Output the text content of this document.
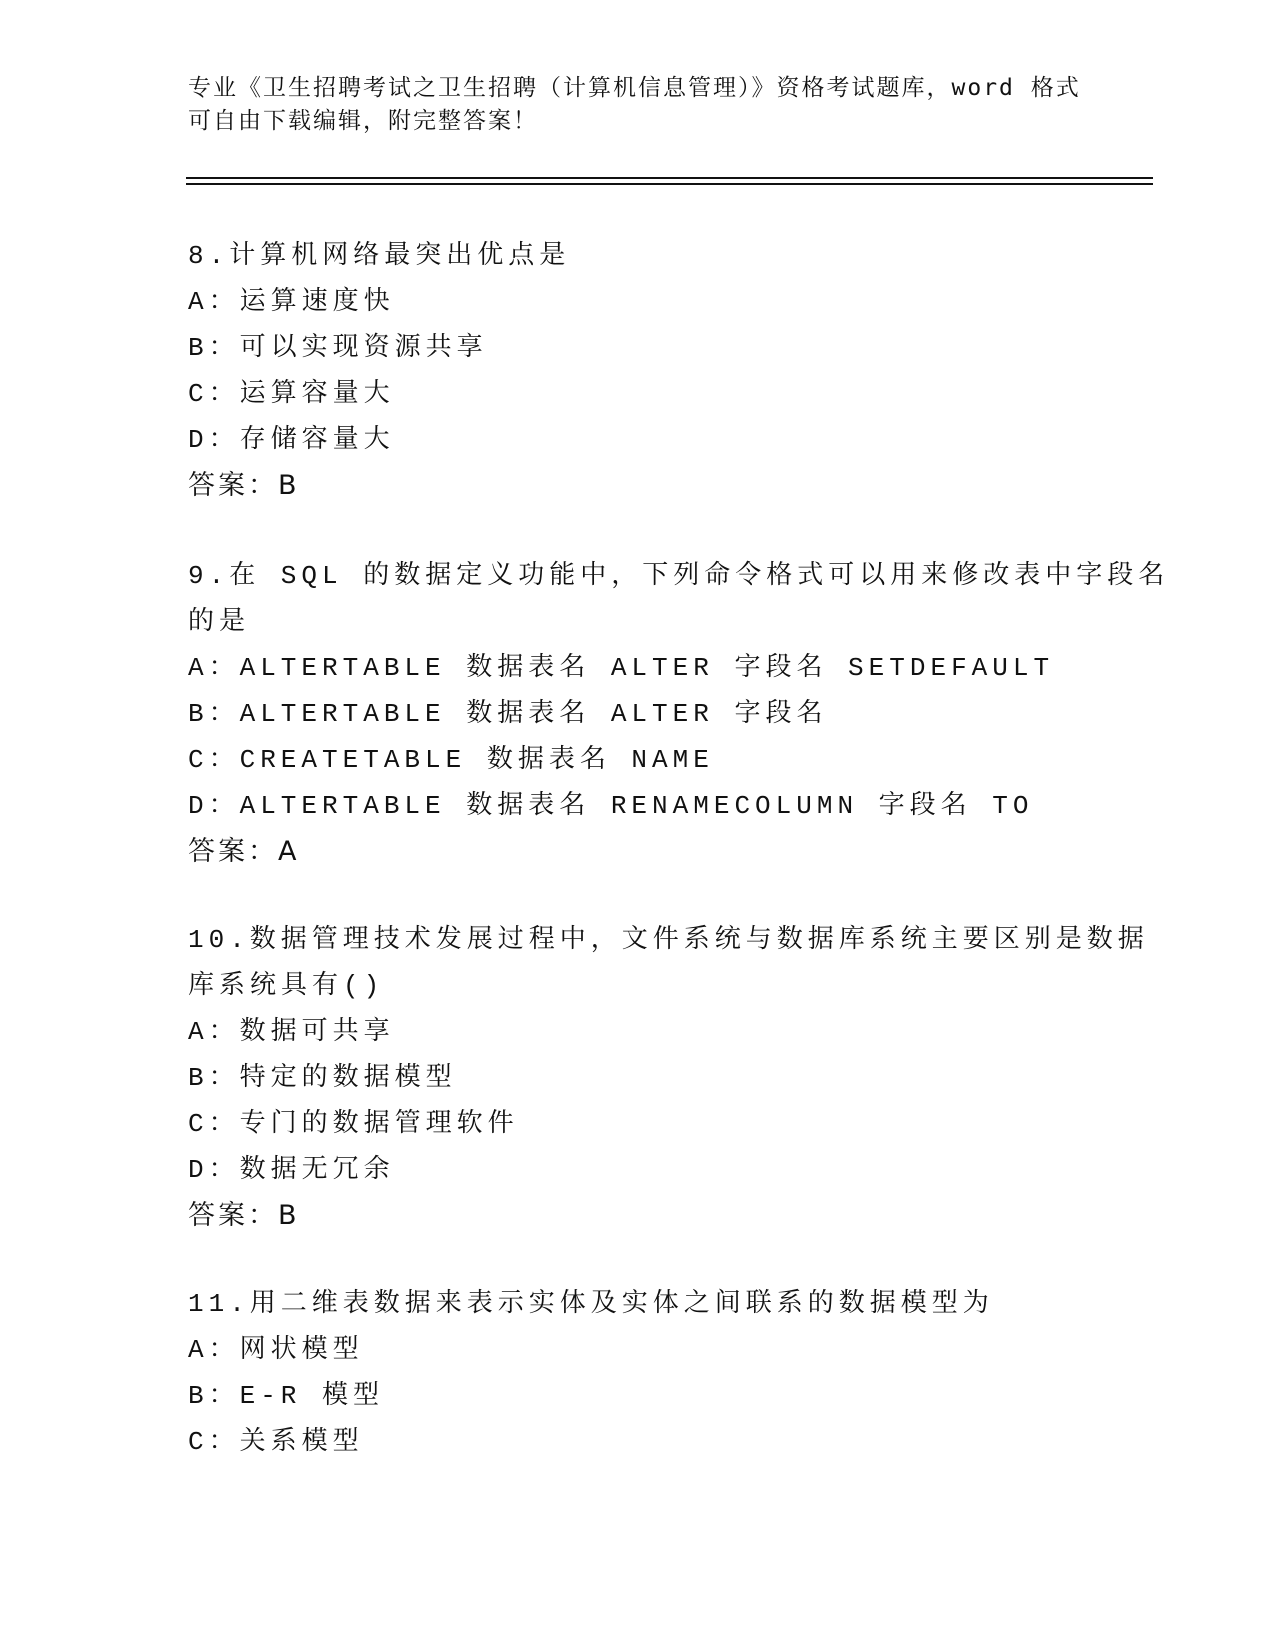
专业《卫生招聘考试之卫生招聘（计算机信息管理）》资格考试题库，word 格式
可自由下载编辑，附完整答案！
8.计算机网络最突出优点是
A：运算速度快
B：可以实现资源共享
C：运算容量大
D：存储容量大
答案：B
9.在 SQL 的数据定义功能中，下列命令格式可以用来修改表中字段名
的是
A：ALTERTABLE 数据表名 ALTER 字段名 SETDEFAULT
B：ALTERTABLE 数据表名 ALTER 字段名
C：CREATETABLE 数据表名 NAME
D：ALTERTABLE 数据表名 RENAMECOLUMN 字段名 TO
答案：A
10.数据管理技术发展过程中，文件系统与数据库系统主要区别是数据
库系统具有()
A：数据可共享
B：特定的数据模型
C：专门的数据管理软件
D：数据无冗余
答案：B
11.用二维表数据来表示实体及实体之间联系的数据模型为
A：网状模型
B：E-R 模型
C：关系模型
